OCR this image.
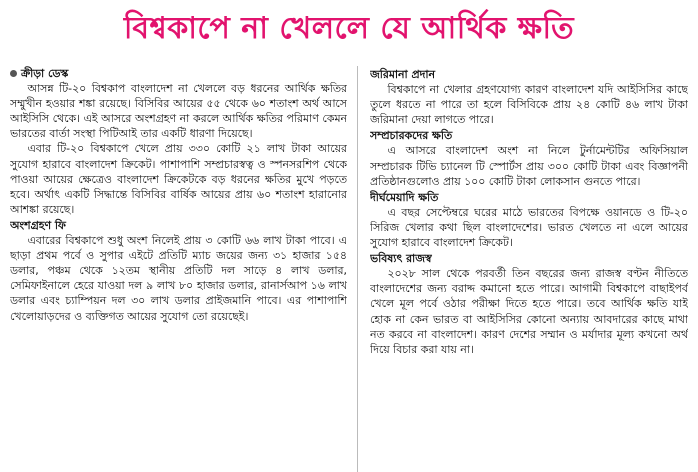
বিশ্বকাপে না খেললে যে আর্থিক ক্ষতি
ক্রীড়া ডেস্ক

আসন্ন টি-২০ বিশ্বকাপ বাংলাদেশ না খেললে বড় ধরনের আর্থিক ক্ষতির সম্মুখীন হওয়ার শঙ্কা রয়েছে। বিসিবির আয়ের ৫৫ থেকে ৬০ শতাংশ অর্থ আসে আইসিসি থেকে। এই আসরে অংশগ্রহণ না করলে আর্থিক ক্ষতির পরিমাণ কেমন ভারতের বার্তা সংস্থা পিটিআই তার একটি ধারণা দিয়েছে।

এবার টি-২০ বিশ্বকাপে খেলে প্রায় ৩৩০ কোটি ২১ লাখ টাকা আয়ের সুযোগ হারাবে বাংলাদেশ ক্রিকেট। পাশাপাশি সম্প্রচারস্বত্ব ও স্পনসরশিপ থেকে পাওয়া আয়ের ক্ষেত্রেও বাংলাদেশ ক্রিকেটকে বড় ধরনের ক্ষতির মুখে পড়তে হবে। অর্থাৎ একটি সিদ্ধান্তে বিসিবির বার্ষিক আয়ের প্রায় ৬০ শতাংশ হারানোর আশঙ্কা রয়েছে।

অংশগ্রহণ ফি

এবারের বিশ্বকাপে শুধু অংশ নিলেই প্রায় ৩ কোটি ৬৬ লাখ টাকা পাবে। এ ছাড়া প্রথম পর্বে ও সুপার এইটে প্রতিটি ম্যাচ জয়ের জন্য ৩১ হাজার ১৫৪ ডলার, পঞ্চম থেকে ১২তম স্থানীয় প্রতিটি দল সাড়ে ৪ লাখ ডলার, সেমিফাইনালে হেরে যাওয়া দল ৯ লাখ ৮০ হাজার ডলার, রানার্সআপ ১৬ লাখ ডলার এবং চ্যাম্পিয়ন দল ৩০ লাখ ডলার প্রাইজমানি পাবে। এর পাশাপাশি খেলোয়াড়দের ও ব্যক্তিগত আয়ের সুযোগ তো রয়েছেই।

জরিমানা প্রদান

বিশ্বকাপে না খেলার গ্রহণযোগ্য কারণ বাংলাদেশ যদি আইসিসির কাছে তুলে ধরতে না পারে তা হলে বিসিবিকে প্রায় ২৪ কোটি ৪৬ লাখ টাকা জরিমানা দেয়া লাগতে পারে।

সম্প্রচারকদের ক্ষতি

এ আসরে বাংলাদেশ অংশ না নিলে টুর্নামেন্টটির অফিসিয়াল সম্প্রচারক টিভি চ্যানেল টি স্পোর্টস প্রায় ৩০০ কোটি টাকা এবং বিজ্ঞাপনী প্রতিষ্ঠানগুলোও প্রায় ১০০ কোটি টাকা লোকসান গুনতে পারে।

দীর্ঘমেয়াদি ক্ষতি

এ বছর সেপ্টেম্বরে ঘরের মাঠে ভারতের বিপক্ষে ওয়ানডে ও টি-২০ সিরিজ খেলার কথা ছিল বাংলাদেশের। ভারত খেলতে না এলে আয়ের সুযোগ হারাবে বাংলাদেশ ক্রিকেট।

ভবিষ্যৎ রাজস্ব

২০২৮ সাল থেকে পরবর্তী তিন বছরের জন্য রাজস্ব বণ্টন নীতিতে বাংলাদেশের জন্য বরাদ্দ কমানো হতে পারে। আগামী বিশ্বকাপে বাছাইপর্ব খেলে মূল পর্বে ওঠার পরীক্ষা দিতে হতে পারে। তবে আর্থিক ক্ষতি যাই হোক না কেন ভারত বা আইসিসির কোনো অন্যায় আবদারের কাছে মাথা নত করবে না বাংলাদেশ। কারণ দেশের সম্মান ও মর্যাদার মূল্য কখনো অর্থ দিয়ে বিচার করা যায় না।
